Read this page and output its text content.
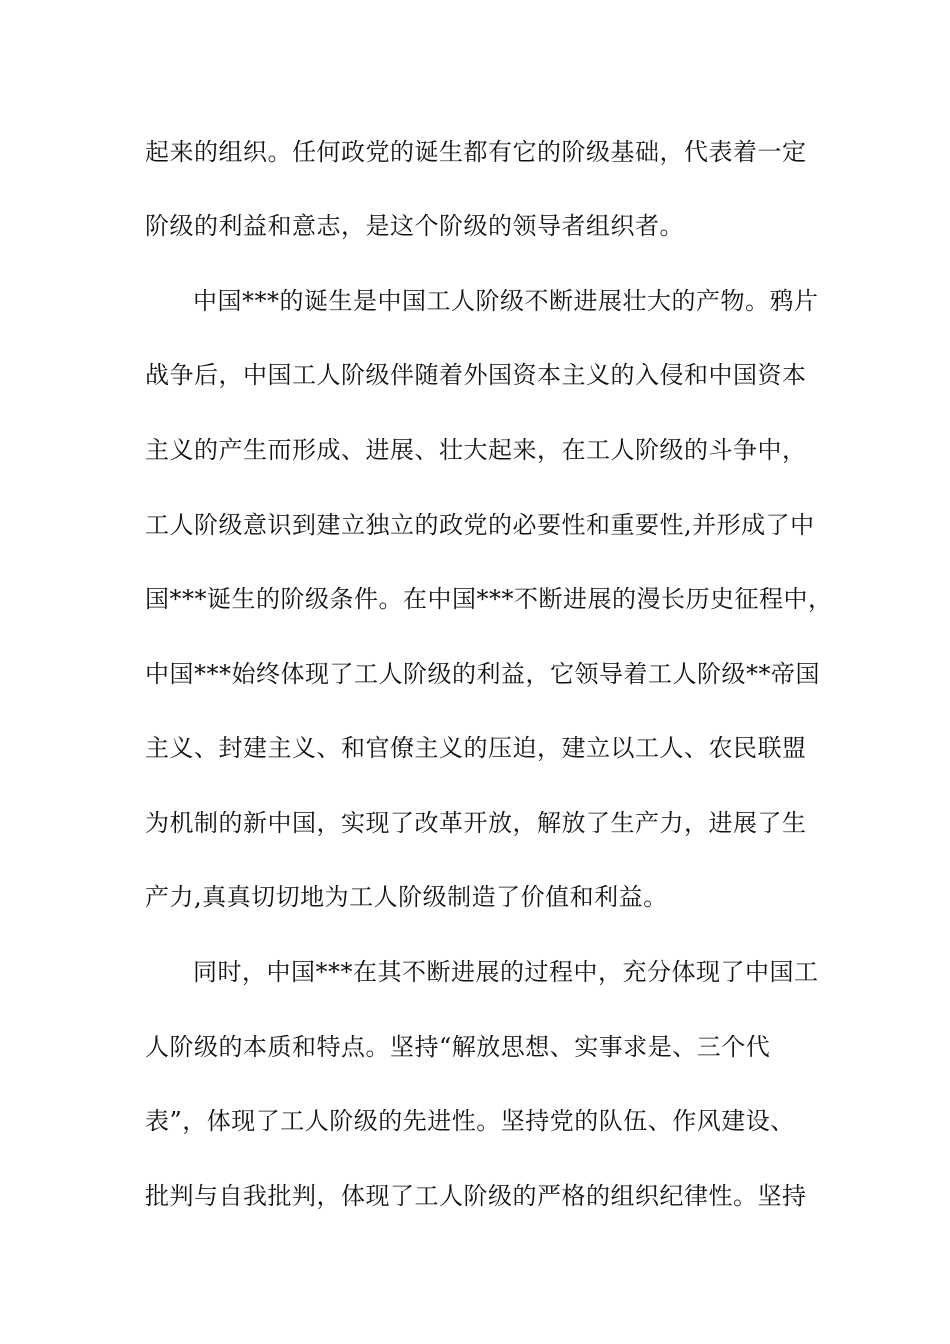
起来的组织。任何政党的诞生都有它的阶级基础，代表着一定
阶级的利益和意志，是这个阶级的领导者组织者。
中国***的诞生是中国工人阶级不断进展壮大的产物。鸦片
战争后，中国工人阶级伴随着外国资本主义的入侵和中国资本
主义的产生而形成、进展、壮大起来，在工人阶级的斗争中，
工人阶级意识到建立独立的政党的必要性和重要性,并形成了中
国***诞生的阶级条件。在中国***不断进展的漫长历史征程中，
中国***始终体现了工人阶级的利益，它领导着工人阶级**帝国
主义、封建主义、和官僚主义的压迫，建立以工人、农民联盟
为机制的新中国，实现了改革开放，解放了生产力，进展了生
产力,真真切切地为工人阶级制造了价值和利益。
同时，中国***在其不断进展的过程中，充分体现了中国工
人阶级的本质和特点。坚持“解放思想、实事求是、三个代
表”，体现了工人阶级的先进性。坚持党的队伍、作风建设、
批判与自我批判，体现了工人阶级的严格的组织纪律性。坚持
